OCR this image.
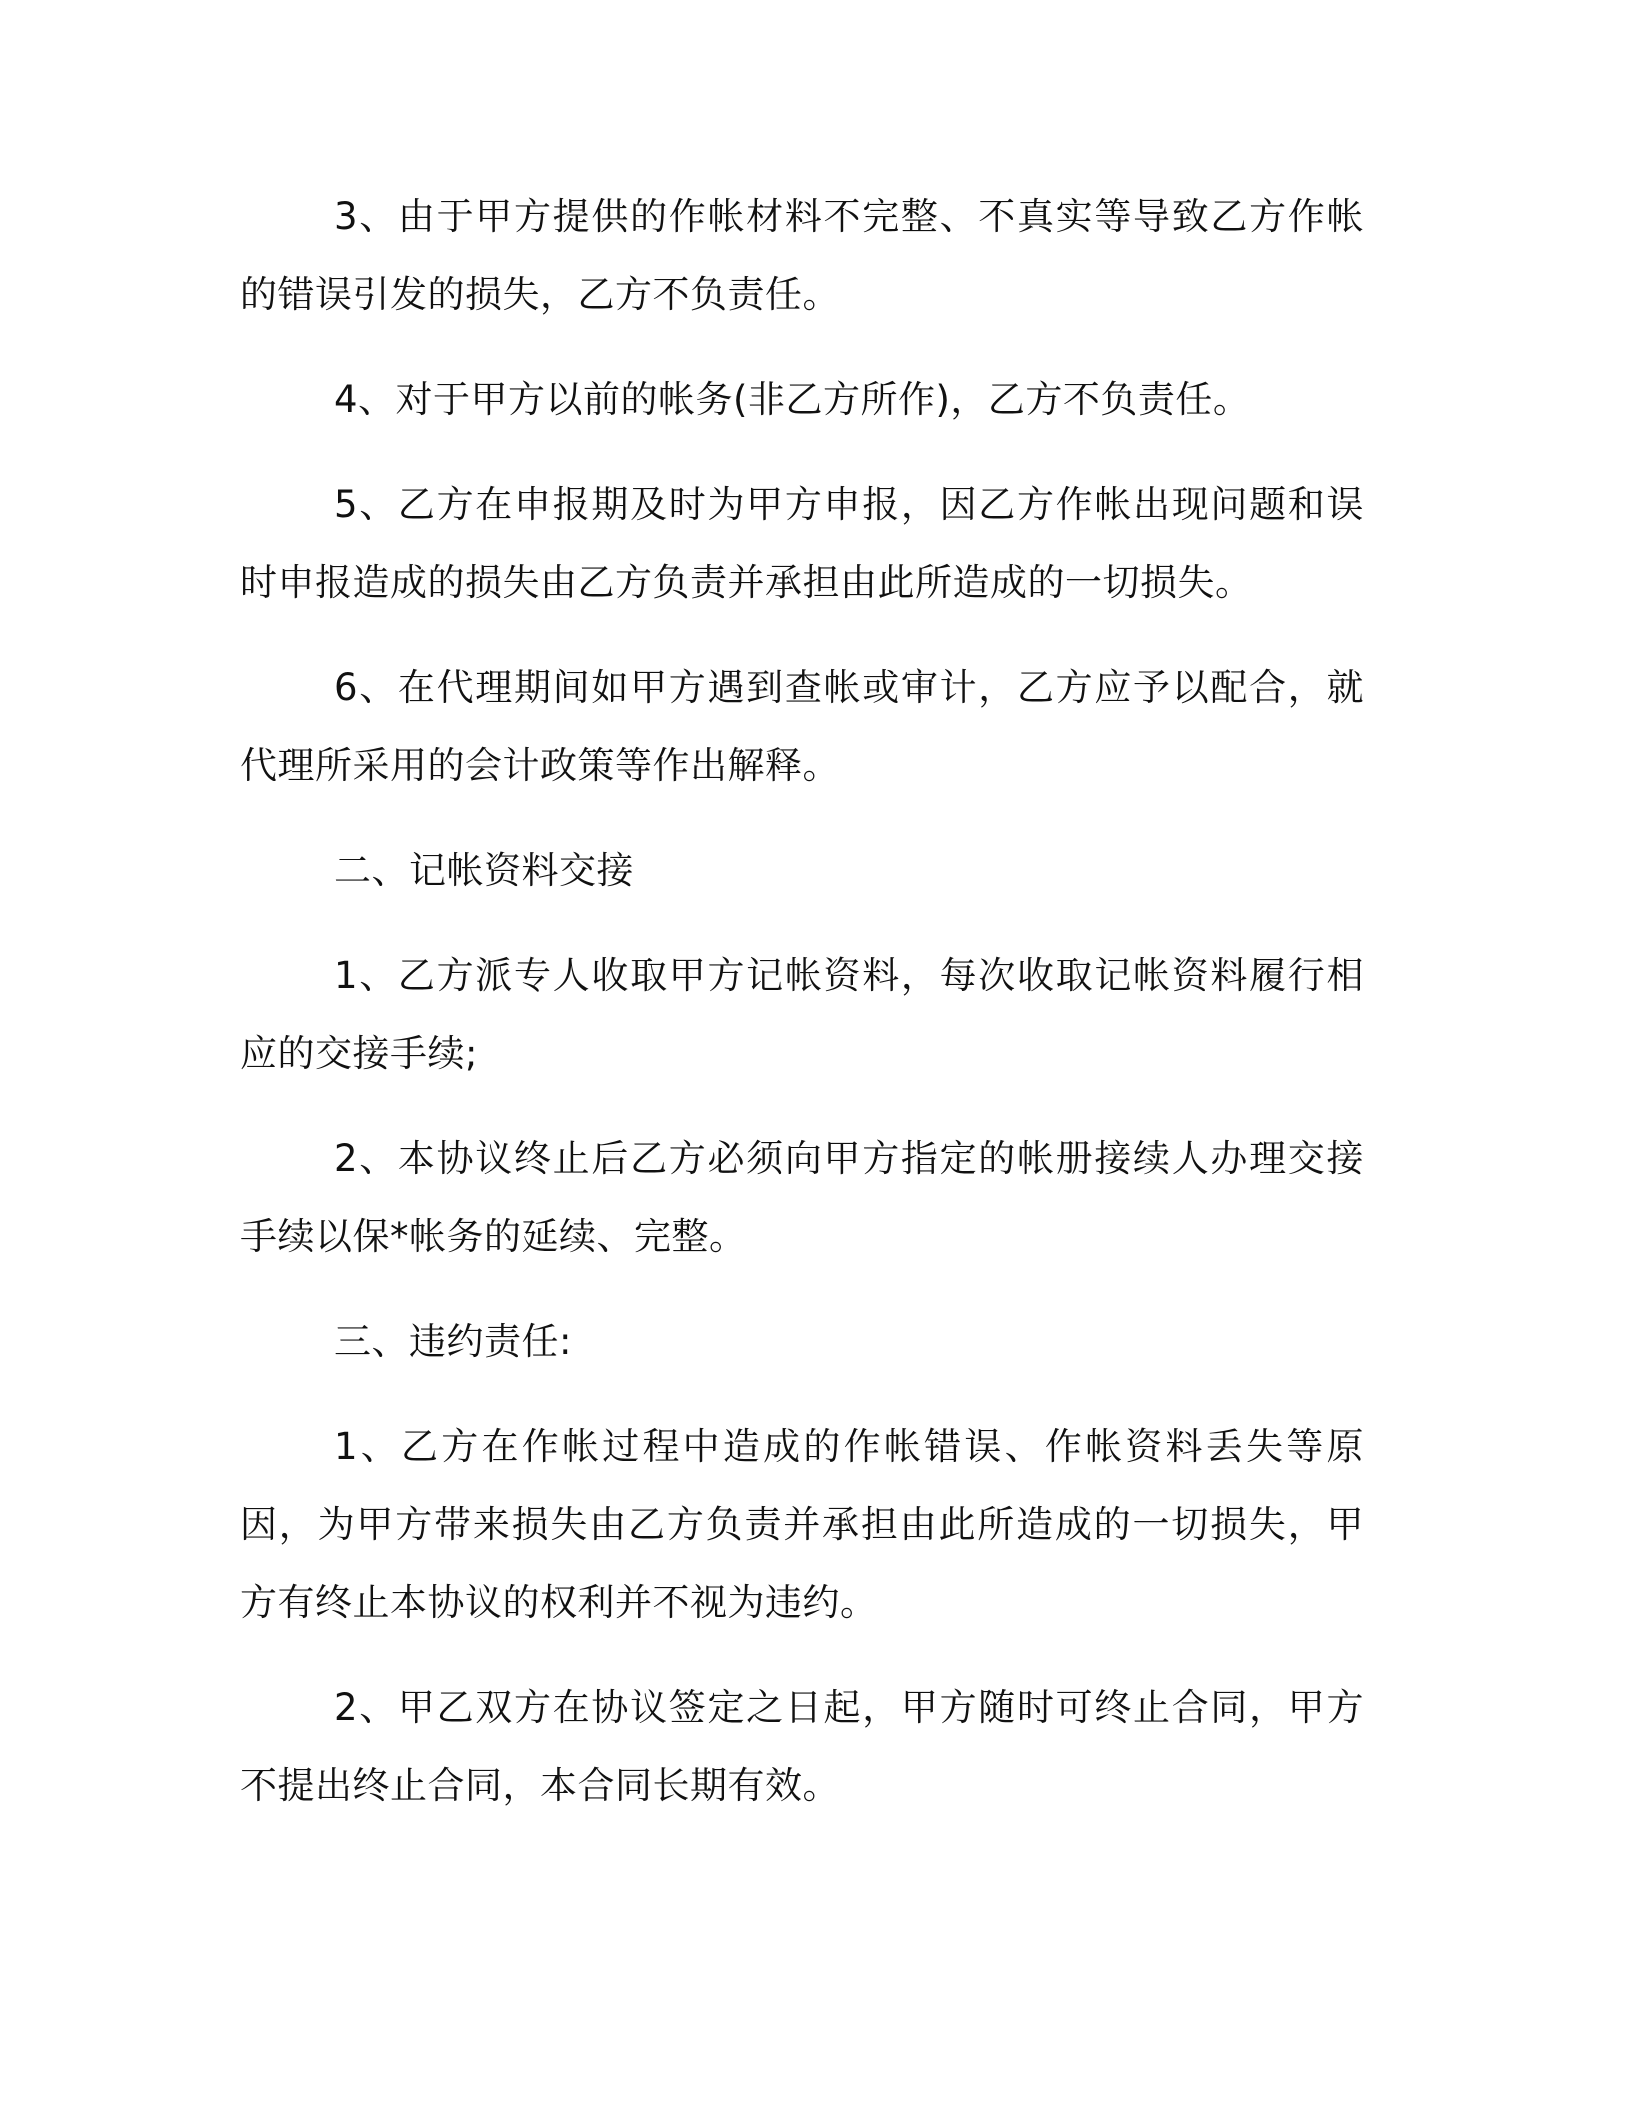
3、由于甲方提供的作帐材料不完整、不真实等导致乙方作帐的错误引发的损失，乙方不负责任。

4、对于甲方以前的帐务(非乙方所作)，乙方不负责任。

5、乙方在申报期及时为甲方申报，因乙方作帐出现问题和误时申报造成的损失由乙方负责并承担由此所造成的一切损失。

6、在代理期间如甲方遇到查帐或审计，乙方应予以配合，就代理所采用的会计政策等作出解释。

二、记帐资料交接

1、乙方派专人收取甲方记帐资料，每次收取记帐资料履行相应的交接手续;

2、本协议终止后乙方必须向甲方指定的帐册接续人办理交接手续以保*帐务的延续、完整。

三、违约责任:

1、乙方在作帐过程中造成的作帐错误、作帐资料丢失等原因，为甲方带来损失由乙方负责并承担由此所造成的一切损失，甲方有终止本协议的权利并不视为违约。

2、甲乙双方在协议签定之日起，甲方随时可终止合同，甲方不提出终止合同，本合同长期有效。
